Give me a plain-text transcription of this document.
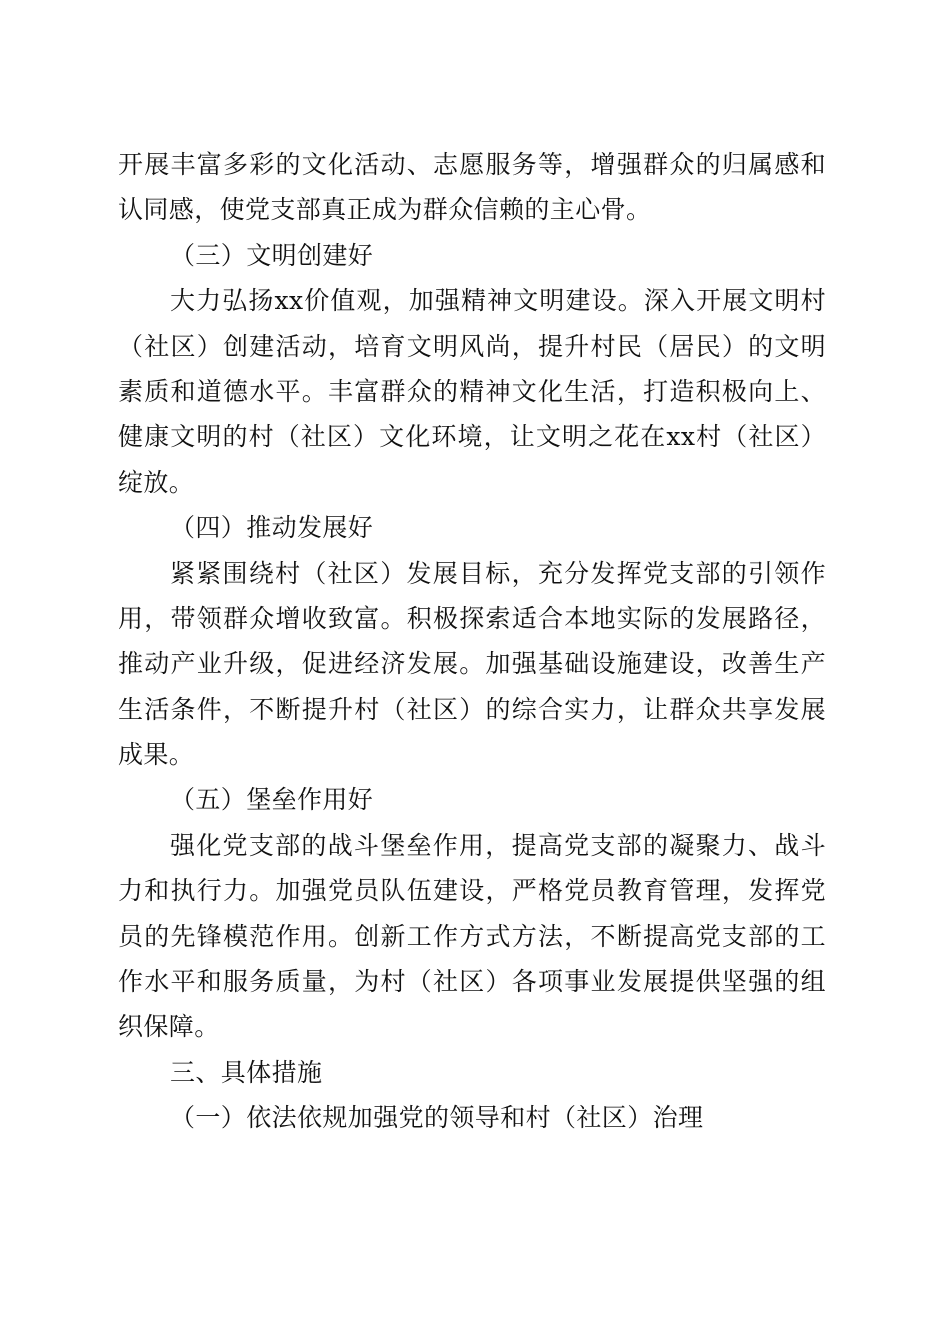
开展丰富多彩的文化活动、志愿服务等，增强群众的归属感和
认同感，使党支部真正成为群众信赖的主心骨。
（三）文明创建好
大力弘扬xx价值观，加强精神文明建设。深入开展文明村
（社区）创建活动，培育文明风尚，提升村民（居民）的文明
素质和道德水平。丰富群众的精神文化生活，打造积极向上、
健康文明的村（社区）文化环境，让文明之花在xx村（社区）
绽放。
（四）推动发展好
紧紧围绕村（社区）发展目标，充分发挥党支部的引领作
用，带领群众增收致富。积极探索适合本地实际的发展路径，
推动产业升级，促进经济发展。加强基础设施建设，改善生产
生活条件，不断提升村（社区）的综合实力，让群众共享发展
成果。
（五）堡垒作用好
强化党支部的战斗堡垒作用，提高党支部的凝聚力、战斗
力和执行力。加强党员队伍建设，严格党员教育管理，发挥党
员的先锋模范作用。创新工作方式方法，不断提高党支部的工
作水平和服务质量，为村（社区）各项事业发展提供坚强的组
织保障。
三、具体措施
（一）依法依规加强党的领导和村（社区）治理
